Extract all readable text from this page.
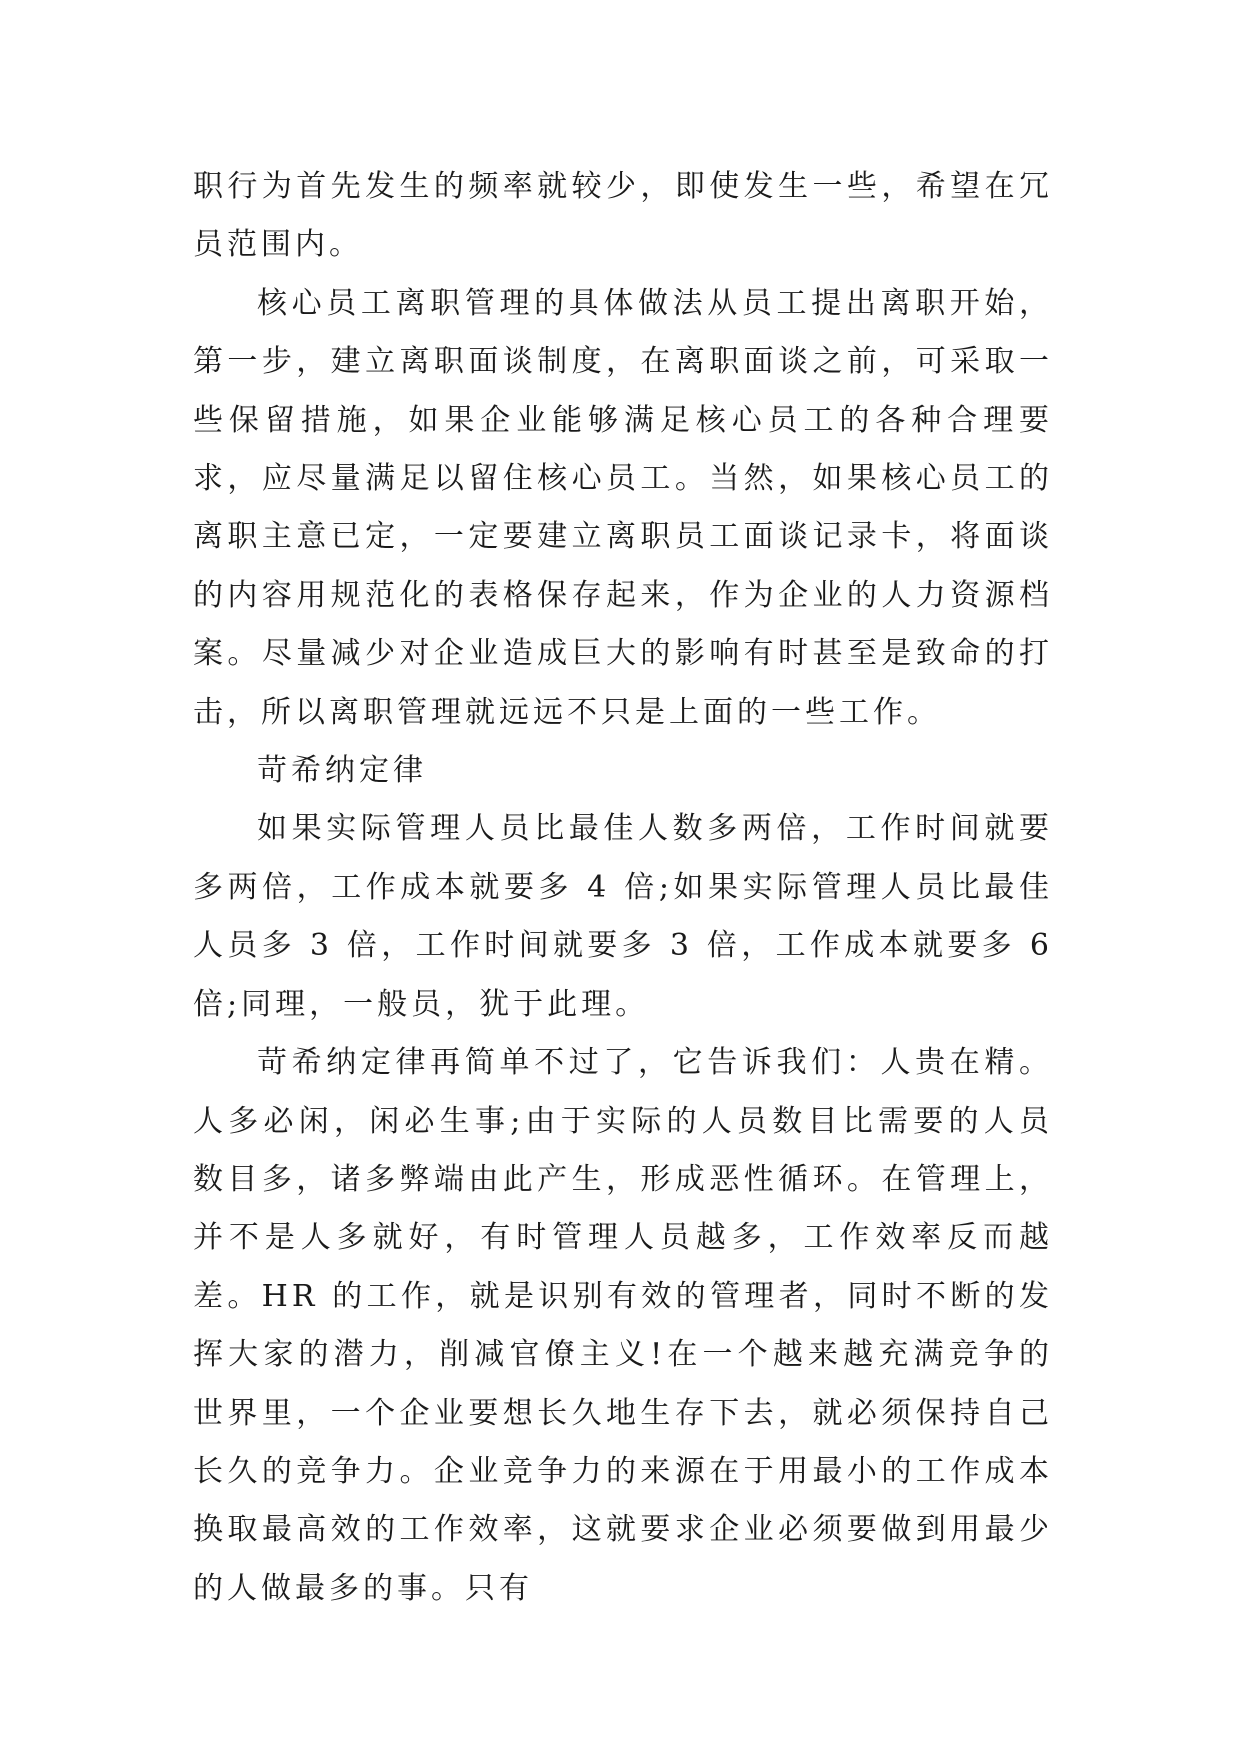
职行为首先发生的频率就较少，即使发生一些，希望在冗员范围内。

核心员工离职管理的具体做法从员工提出离职开始，第一步，建立离职面谈制度，在离职面谈之前，可采取一些保留措施，如果企业能够满足核心员工的各种合理要求，应尽量满足以留住核心员工。当然，如果核心员工的离职主意已定，一定要建立离职员工面谈记录卡，将面谈的内容用规范化的表格保存起来，作为企业的人力资源档案。尽量减少对企业造成巨大的影响有时甚至是致命的打击，所以离职管理就远远不只是上面的一些工作。

苛希纳定律

如果实际管理人员比最佳人数多两倍，工作时间就要多两倍，工作成本就要多 4 倍;如果实际管理人员比最佳人员多 3 倍，工作时间就要多 3 倍，工作成本就要多 6 倍;同理，一般员，犹于此理。

苛希纳定律再简单不过了，它告诉我们：人贵在精。人多必闲，闲必生事;由于实际的人员数目比需要的人员数目多，诸多弊端由此产生，形成恶性循环。在管理上，并不是人多就好，有时管理人员越多，工作效率反而越差。HR 的工作，就是识别有效的管理者，同时不断的发挥大家的潜力，削减官僚主义!在一个越来越充满竞争的世界里，一个企业要想长久地生存下去，就必须保持自己长久的竞争力。企业竞争力的来源在于用最小的工作成本换取最高效的工作效率，这就要求企业必须要做到用最少的人做最多的事。只有
